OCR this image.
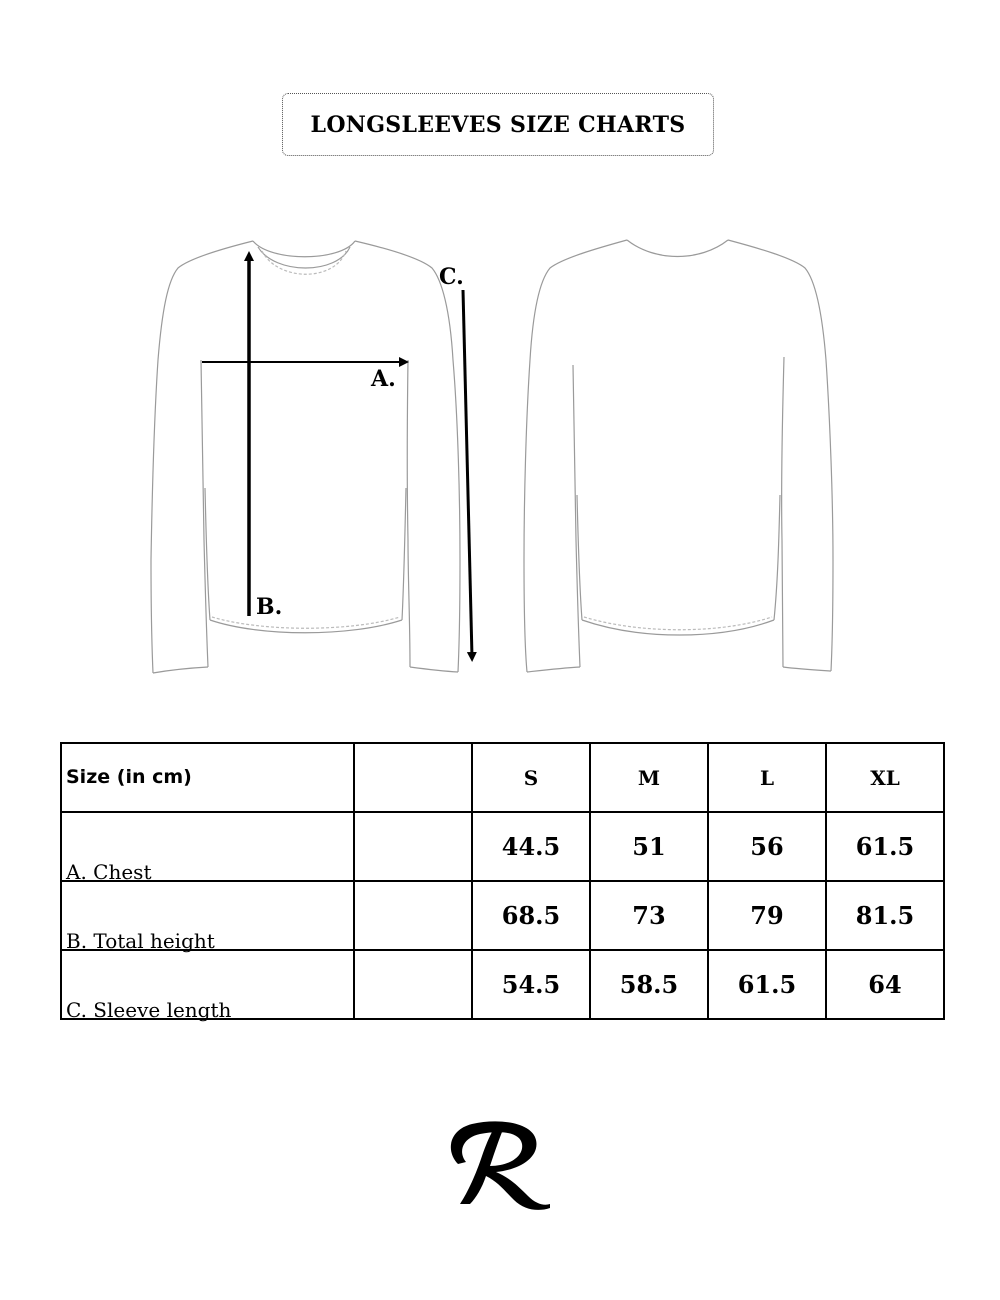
LONGSLEEVES SIZE CHARTS
A.
B.
C.
Size (in cm)		S	M	L	XL

A. Chest		44.5	51	56	61.5

B. Total height		68.5	73	79	81.5

C. Sleeve length		54.5	58.5	61.5	64
